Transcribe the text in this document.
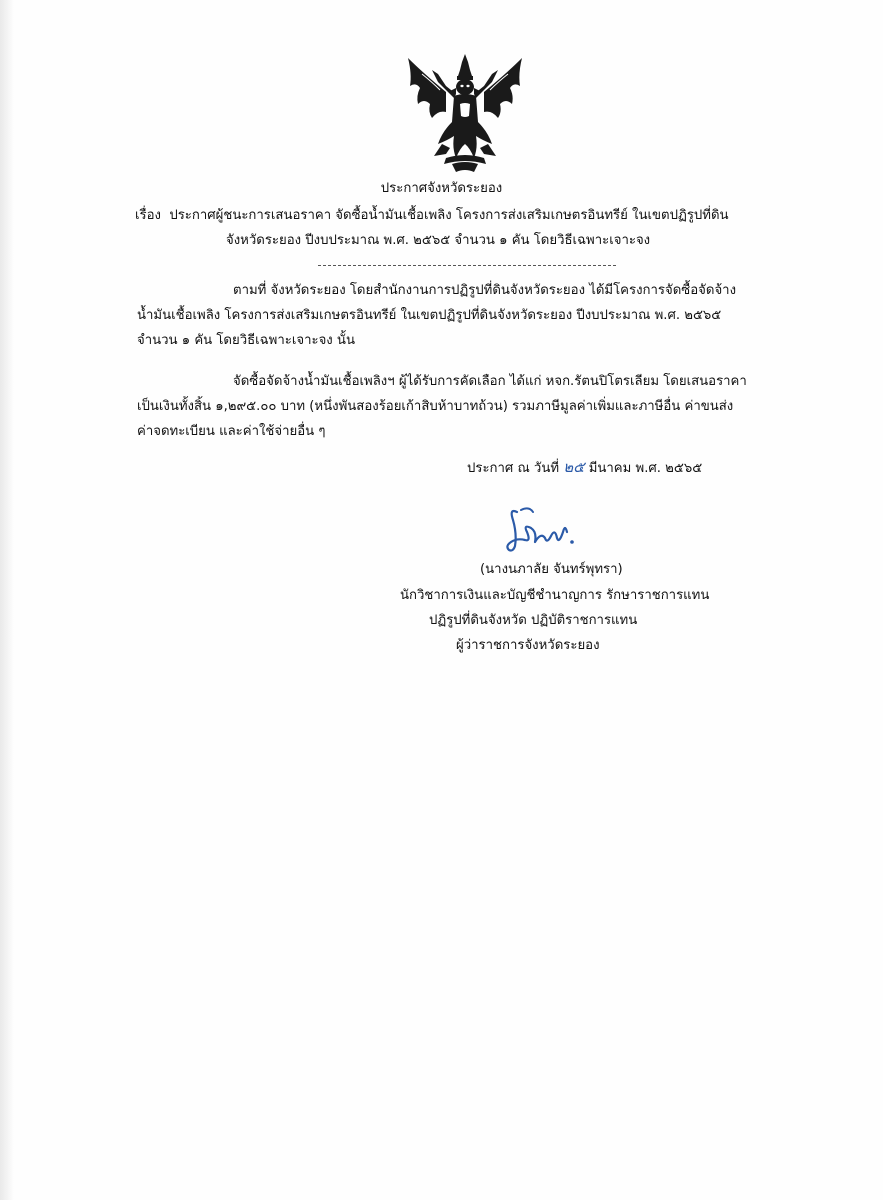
ประกาศจังหวัดระยอง
เรื่อง ประกาศผู้ชนะการเสนอราคา จัดซื้อน้ำมันเชื้อเพลิง โครงการส่งเสริมเกษตรอินทรีย์ ในเขตปฏิรูปที่ดิน
จังหวัดระยอง ปีงบประมาณ พ.ศ. ๒๕๖๕ จำนวน ๑ คัน โดยวิธีเฉพาะเจาะจง
ตามที่ จังหวัดระยอง โดยสำนักงานการปฏิรูปที่ดินจังหวัดระยอง ได้มีโครงการจัดซื้อจัดจ้าง
น้ำมันเชื้อเพลิง โครงการส่งเสริมเกษตรอินทรีย์ ในเขตปฏิรูปที่ดินจังหวัดระยอง ปีงบประมาณ พ.ศ. ๒๕๖๕
จำนวน ๑ คัน โดยวิธีเฉพาะเจาะจง นั้น
จัดซื้อจัดจ้างน้ำมันเชื้อเพลิงฯ ผู้ได้รับการคัดเลือก ได้แก่ หจก.รัตนปิโตรเลียม โดยเสนอราคา
เป็นเงินทั้งสิ้น ๑,๒๙๕.๐๐ บาท (หนึ่งพันสองร้อยเก้าสิบห้าบาทถ้วน) รวมภาษีมูลค่าเพิ่มและภาษีอื่น ค่าขนส่ง
ค่าจดทะเบียน และค่าใช้จ่ายอื่น ๆ
ประกาศ ณ วันที่ ๒๕ มีนาคม พ.ศ. ๒๕๖๕
(นางนภาลัย จันทร์พุทรา)
นักวิชาการเงินและบัญชีชำนาญการ รักษาราชการแทน
ปฏิรูปที่ดินจังหวัด ปฏิบัติราชการแทน
ผู้ว่าราชการจังหวัดระยอง
